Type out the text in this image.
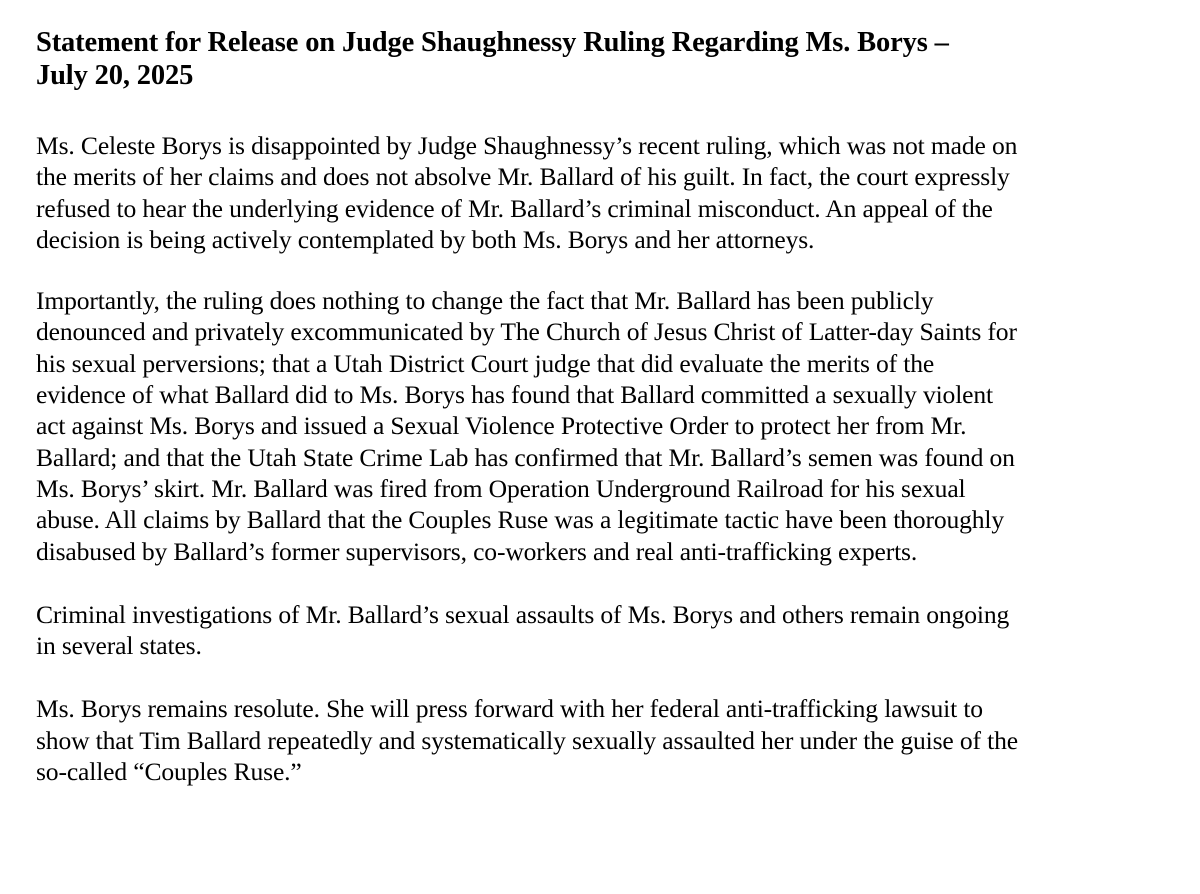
Statement for Release on Judge Shaughnessy Ruling Regarding Ms. Borys –
July 20, 2025

Ms. Celeste Borys is disappointed by Judge Shaughnessy’s recent ruling, which was not made on
the merits of her claims and does not absolve Mr. Ballard of his guilt. In fact, the court expressly
refused to hear the underlying evidence of Mr. Ballard’s criminal misconduct. An appeal of the
decision is being actively contemplated by both Ms. Borys and her attorneys.

Importantly, the ruling does nothing to change the fact that Mr. Ballard has been publicly
denounced and privately excommunicated by The Church of Jesus Christ of Latter-day Saints for
his sexual perversions; that a Utah District Court judge that did evaluate the merits of the
evidence of what Ballard did to Ms. Borys has found that Ballard committed a sexually violent
act against Ms. Borys and issued a Sexual Violence Protective Order to protect her from Mr.
Ballard; and that the Utah State Crime Lab has confirmed that Mr. Ballard’s semen was found on
Ms. Borys’ skirt. Mr. Ballard was fired from Operation Underground Railroad for his sexual
abuse. All claims by Ballard that the Couples Ruse was a legitimate tactic have been thoroughly
disabused by Ballard’s former supervisors, co-workers and real anti-trafficking experts.

Criminal investigations of Mr. Ballard’s sexual assaults of Ms. Borys and others remain ongoing
in several states.

Ms. Borys remains resolute. She will press forward with her federal anti-trafficking lawsuit to
show that Tim Ballard repeatedly and systematically sexually assaulted her under the guise of the
so-called “Couples Ruse.”
